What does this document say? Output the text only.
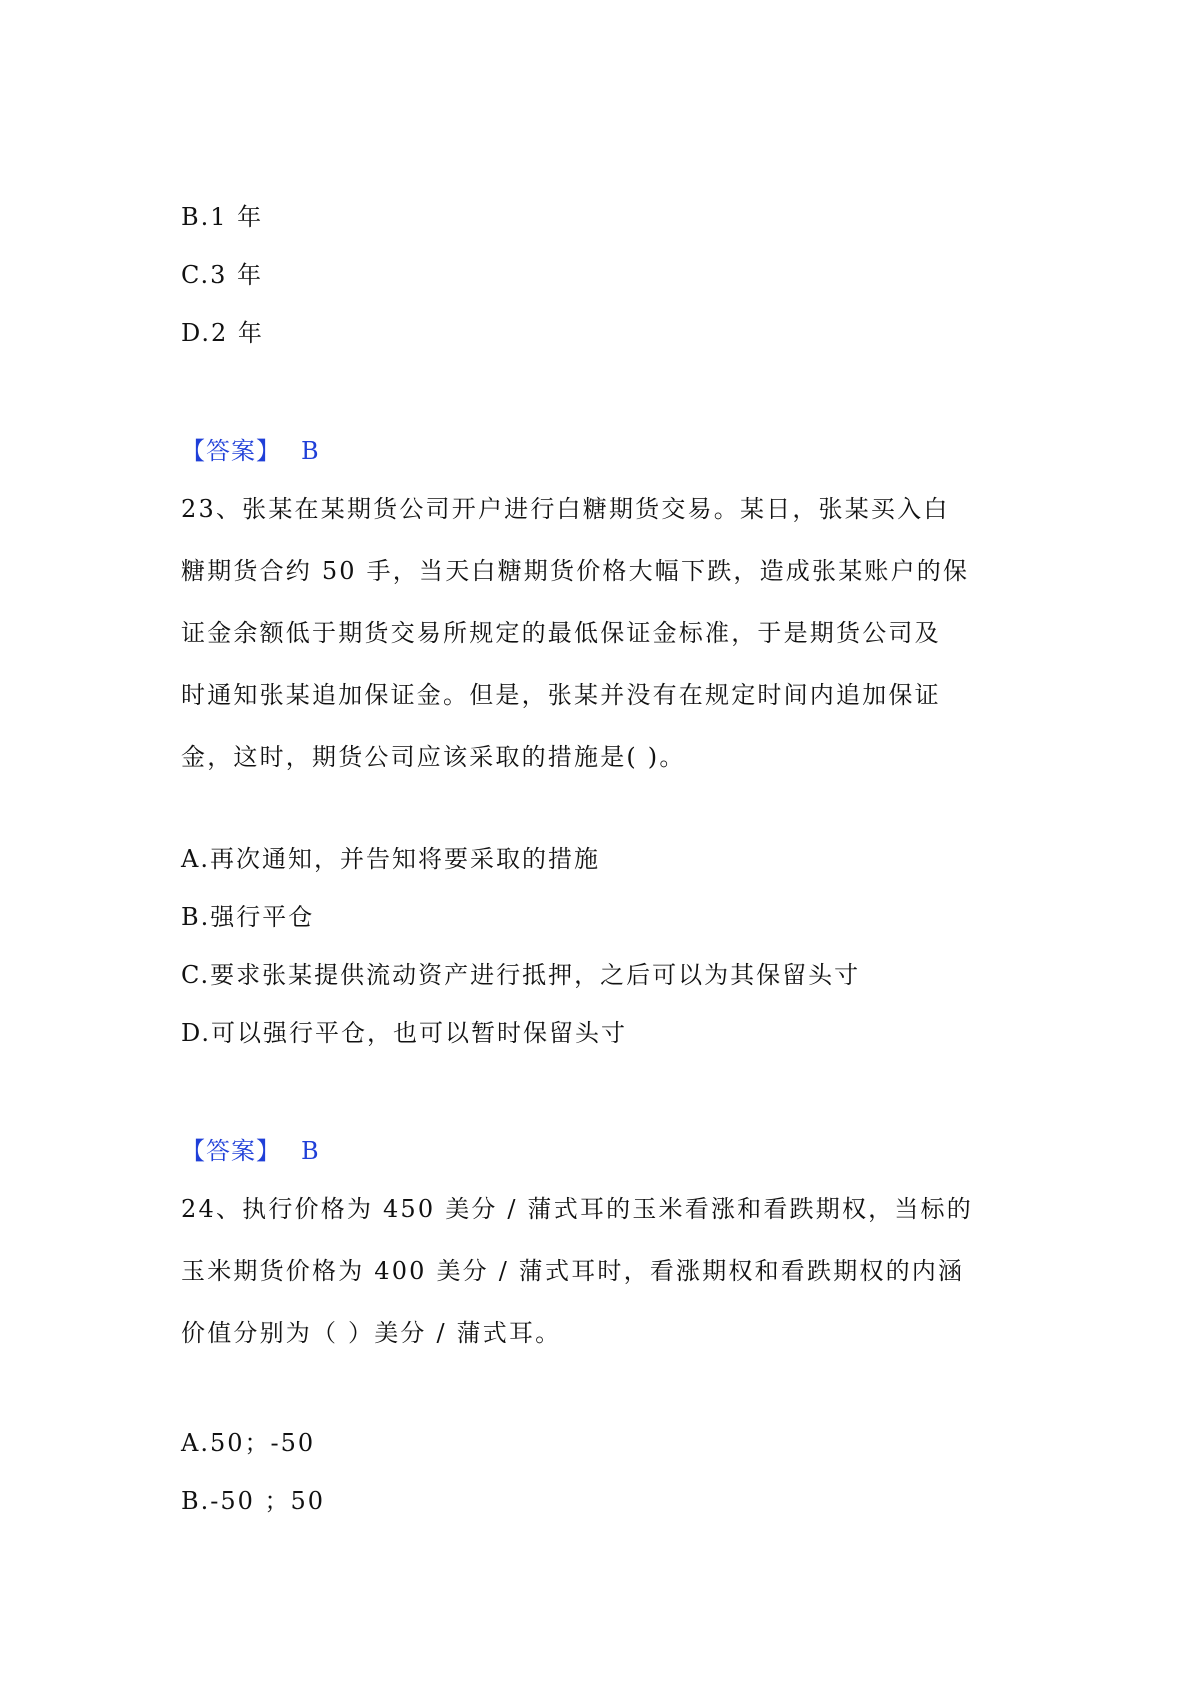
B.1 年
C.3 年
D.2 年
【答案】 B
23、张某在某期货公司开户进行白糖期货交易。某日，张某买入白
糖期货合约 50 手，当天白糖期货价格大幅下跌，造成张某账户的保
证金余额低于期货交易所规定的最低保证金标准，于是期货公司及
时通知张某追加保证金。但是，张某并没有在规定时间内追加保证
金，这时，期货公司应该采取的措施是( )。
A.再次通知，并告知将要采取的措施
B.强行平仓
C.要求张某提供流动资产进行抵押，之后可以为其保留头寸
D.可以强行平仓，也可以暂时保留头寸
【答案】 B
24、执行价格为 450 美分 / 蒲式耳的玉米看涨和看跌期权，当标的
玉米期货价格为 400 美分 / 蒲式耳时，看涨期权和看跌期权的内涵
价值分别为（ ）美分 / 蒲式耳。
A.50；-50
B.-50 ；50
